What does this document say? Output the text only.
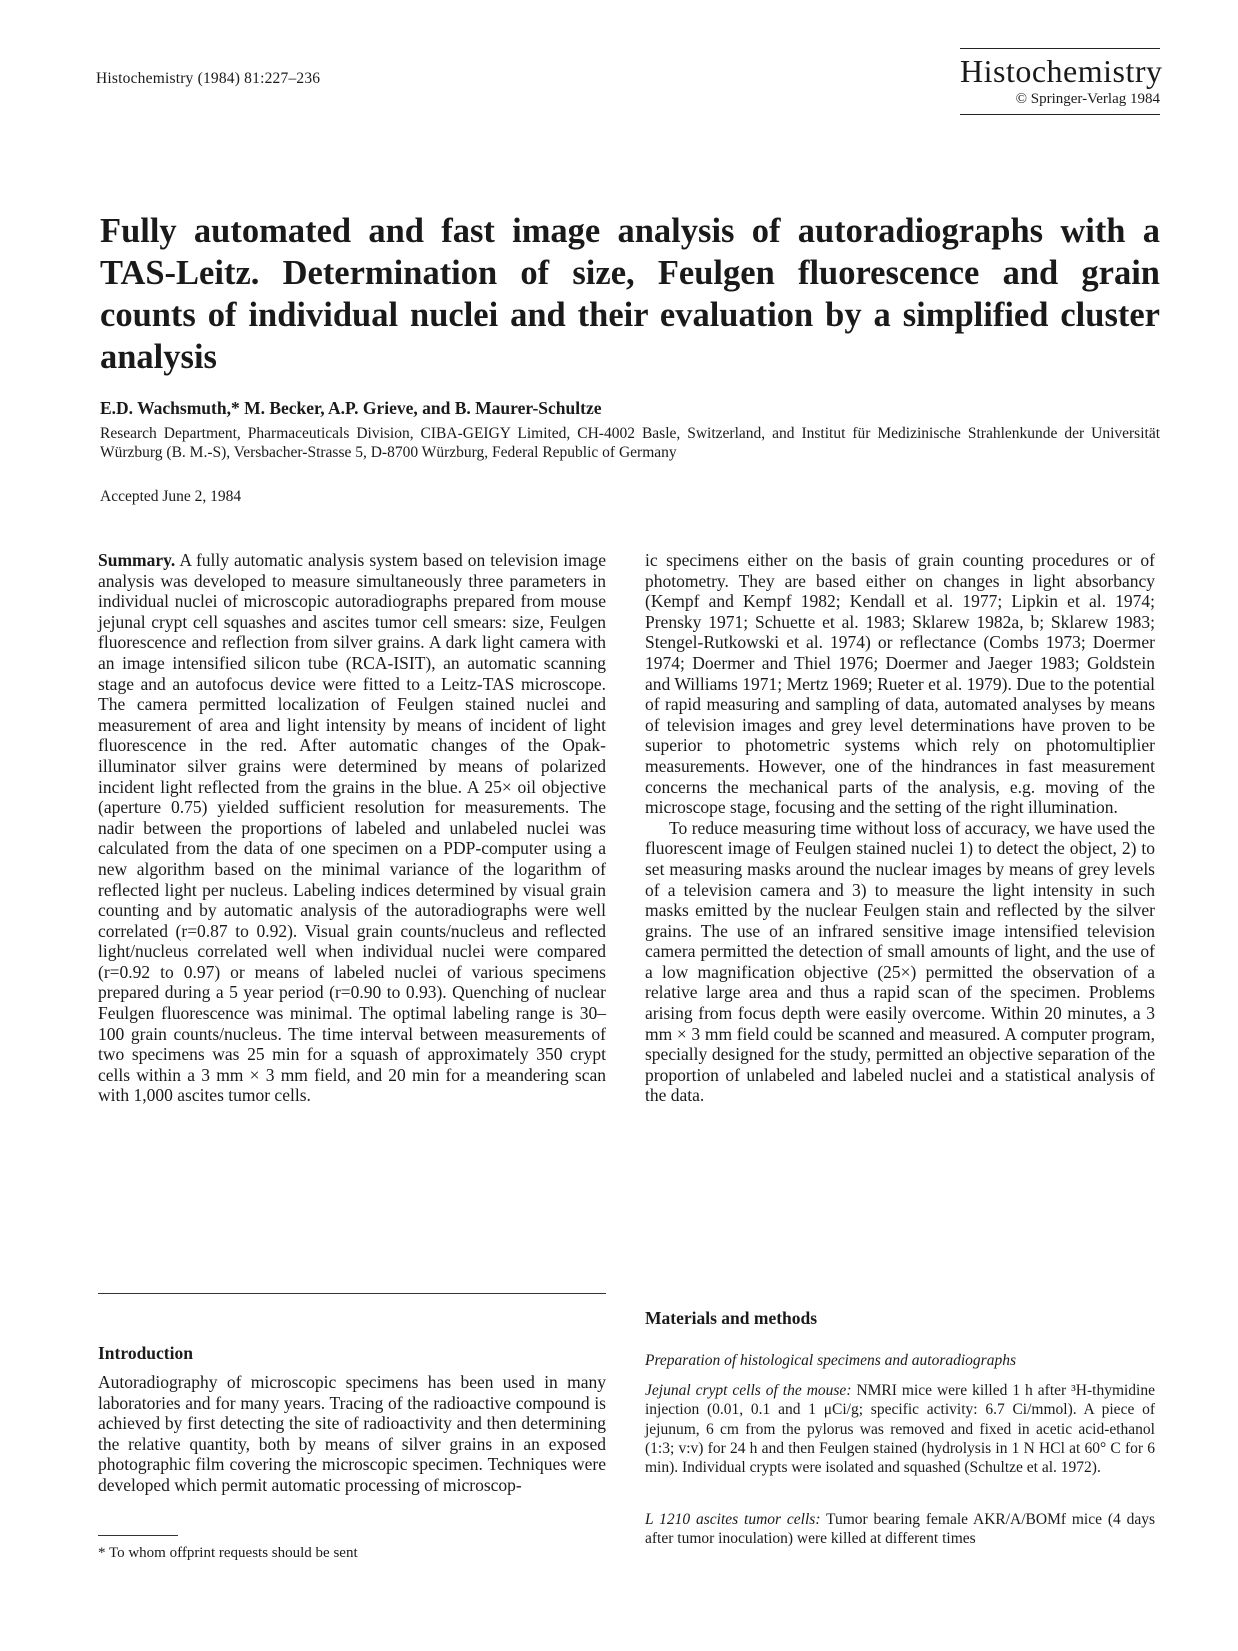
Histochemistry (1984) 81:227–236	Histochemistry
© Springer-Verlag 1984
Fully automated and fast image analysis of autoradiographs with a TAS-Leitz. Determination of size, Feulgen fluorescence and grain counts of individual nuclei and their evaluation by a simplified cluster analysis
E.D. Wachsmuth,* M. Becker, A.P. Grieve, and B. Maurer-Schultze
Research Department, Pharmaceuticals Division, CIBA-GEIGY Limited, CH-4002 Basle, Switzerland, and Institut für Medizinische Strahlenkunde der Universität Würzburg (B. M.-S), Versbacher-Strasse 5, D-8700 Würzburg, Federal Republic of Germany
Accepted June 2, 1984

Summary. A fully automatic analysis system based on television image analysis was developed to measure simultaneously three parameters in individual nuclei of microscopic autoradiographs prepared from mouse jejunal crypt cell squashes and ascites tumor cell smears: size, Feulgen fluorescence and reflection from silver grains. A dark light camera with an image intensified silicon tube (RCA-ISIT), an automatic scanning stage and an autofocus device were fitted to a Leitz-TAS microscope. The camera permitted localization of Feulgen stained nuclei and measurement of area and light intensity by means of incident of light fluorescence in the red. After automatic changes of the Opak-illuminator silver grains were determined by means of polarized incident light reflected from the grains in the blue. A 25× oil objective (aperture 0.75) yielded sufficient resolution for measurements. The nadir between the proportions of labeled and unlabeled nuclei was calculated from the data of one specimen on a PDP-computer using a new algorithm based on the minimal variance of the logarithm of reflected light per nucleus. Labeling indices determined by visual grain counting and by automatic analysis of the autoradiographs were well correlated (r=0.87 to 0.92). Visual grain counts/nucleus and reflected light/nucleus correlated well when individual nuclei were compared (r=0.92 to 0.97) or means of labeled nuclei of various specimens prepared during a 5 year period (r=0.90 to 0.93). Quenching of nuclear Feulgen fluorescence was minimal. The optimal labeling range is 30–100 grain counts/nucleus. The time interval between measurements of two specimens was 25 min for a squash of approximately 350 crypt cells within a 3 mm × 3 mm field, and 20 min for a meandering scan with 1,000 ascites tumor cells.

Introduction

Autoradiography of microscopic specimens has been used in many laboratories and for many years. Tracing of the radioactive compound is achieved by first detecting the site of radioactivity and then determining the relative quantity, both by means of silver grains in an exposed photographic film covering the microscopic specimen. Techniques were developed which permit automatic processing of microscop-

* To whom offprint requests should be sent

ic specimens either on the basis of grain counting procedures or of photometry. They are based either on changes in light absorbancy (Kempf and Kempf 1982; Kendall et al. 1977; Lipkin et al. 1974; Prensky 1971; Schuette et al. 1983; Sklarew 1982a, b; Sklarew 1983; Stengel-Rutkowski et al. 1974) or reflectance (Combs 1973; Doermer 1974; Doermer and Thiel 1976; Doermer and Jaeger 1983; Goldstein and Williams 1971; Mertz 1969; Rueter et al. 1979). Due to the potential of rapid measuring and sampling of data, automated analyses by means of television images and grey level determinations have proven to be superior to photometric systems which rely on photomultiplier measurements. However, one of the hindrances in fast measurement concerns the mechanical parts of the analysis, e.g. moving of the microscope stage, focusing and the setting of the right illumination.

To reduce measuring time without loss of accuracy, we have used the fluorescent image of Feulgen stained nuclei 1) to detect the object, 2) to set measuring masks around the nuclear images by means of grey levels of a television camera and 3) to measure the light intensity in such masks emitted by the nuclear Feulgen stain and reflected by the silver grains. The use of an infrared sensitive image intensified television camera permitted the detection of small amounts of light, and the use of a low magnification objective (25×) permitted the observation of a relative large area and thus a rapid scan of the specimen. Problems arising from focus depth were easily overcome. Within 20 minutes, a 3 mm × 3 mm field could be scanned and measured. A computer program, specially designed for the study, permitted an objective separation of the proportion of unlabeled and labeled nuclei and a statistical analysis of the data.

Materials and methods
Preparation of histological specimens and autoradiographs

Jejunal crypt cells of the mouse: NMRI mice were killed 1 h after ³H-thymidine injection (0.01, 0.1 and 1 μCi/g; specific activity: 6.7 Ci/mmol). A piece of jejunum, 6 cm from the pylorus was removed and fixed in acetic acid-ethanol (1:3; v:v) for 24 h and then Feulgen stained (hydrolysis in 1 N HCl at 60° C for 6 min). Individual crypts were isolated and squashed (Schultze et al. 1972).

L 1210 ascites tumor cells: Tumor bearing female AKR/A/BOMf mice (4 days after tumor inoculation) were killed at different times
